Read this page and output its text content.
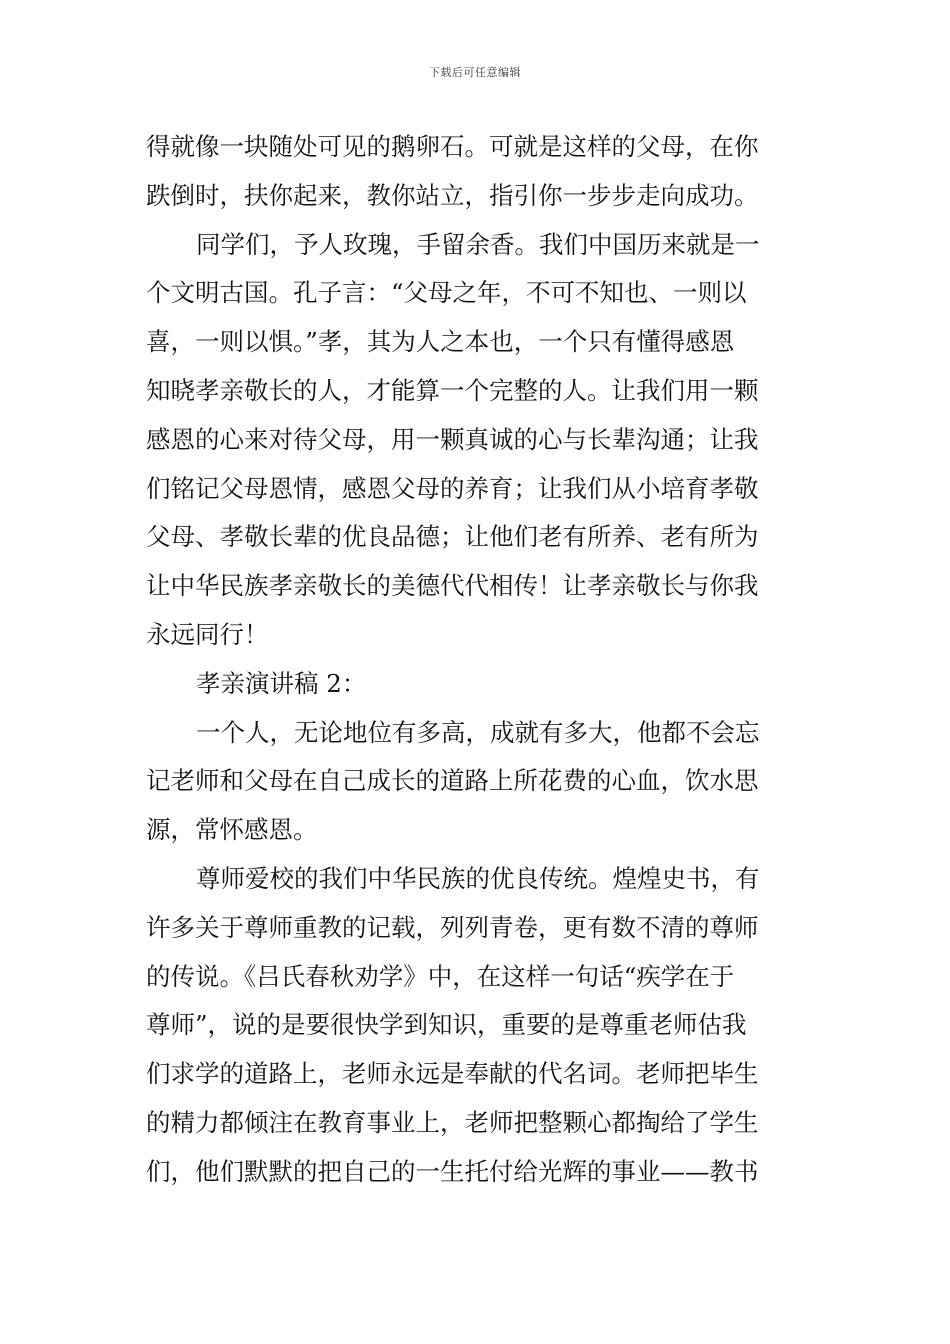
下载后可任意编辑
得就像一块随处可见的鹅卵石。可就是这样的父母，在你
跌倒时，扶你起来，教你站立，指引你一步步走向成功。
同学们，予人玫瑰，手留余香。我们中国历来就是一
个文明古国。孔子言：“父母之年，不可不知也、一则以
喜，一则以惧。”孝，其为人之本也，一个只有懂得感恩
知晓孝亲敬长的人，才能算一个完整的人。让我们用一颗
感恩的心来对待父母，用一颗真诚的心与长辈沟通；让我
们铭记父母恩情，感恩父母的养育；让我们从小培育孝敬
父母、孝敬长辈的优良品德；让他们老有所养、老有所为
让中华民族孝亲敬长的美德代代相传！让孝亲敬长与你我
永远同行！
孝亲演讲稿 2：
一个人，无论地位有多高，成就有多大，他都不会忘
记老师和父母在自己成长的道路上所花费的心血，饮水思
源，常怀感恩。
尊师爱校的我们中华民族的优良传统。煌煌史书，有
许多关于尊师重教的记载，列列青卷，更有数不清的尊师
的传说。《吕氏春秋劝学》中，在这样一句话“疾学在于
尊师”，说的是要很快学到知识，重要的是尊重老师估我
们求学的道路上，老师永远是奉献的代名词。老师把毕生
的精力都倾注在教育事业上，老师把整颗心都掏给了学生
们，他们默默的把自己的一生托付给光辉的事业——教书
